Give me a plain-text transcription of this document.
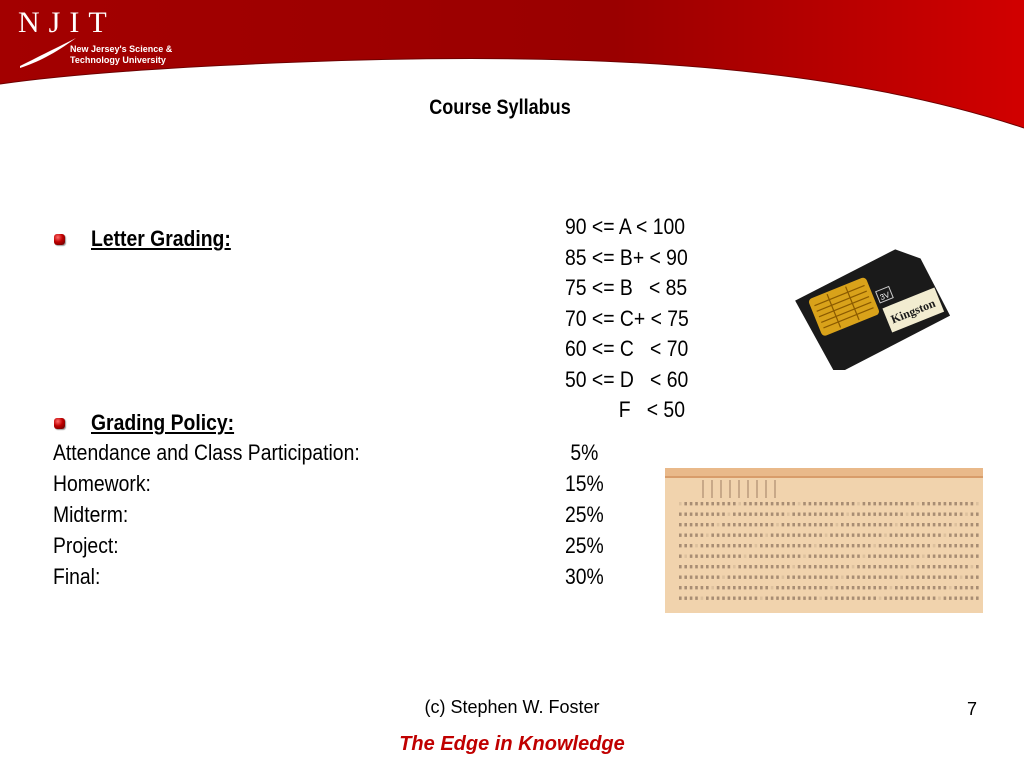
NJIT
New Jersey's Science &
Technology University
Course Syllabus
Letter Grading:	90 <= A < 100
85 <= B+ < 90
75 <= B   < 85
70 <= C+ < 75
60 <= C   < 70
50 <= D   < 60
F   < 50
3V
Kingston
Grading Policy:
Attendance and Class Participation:	5%
Homework:	15%
Midterm:	25%
Project:	25%
Final:	30%
(c) Stephen W. Foster	7
The Edge in Knowledge
